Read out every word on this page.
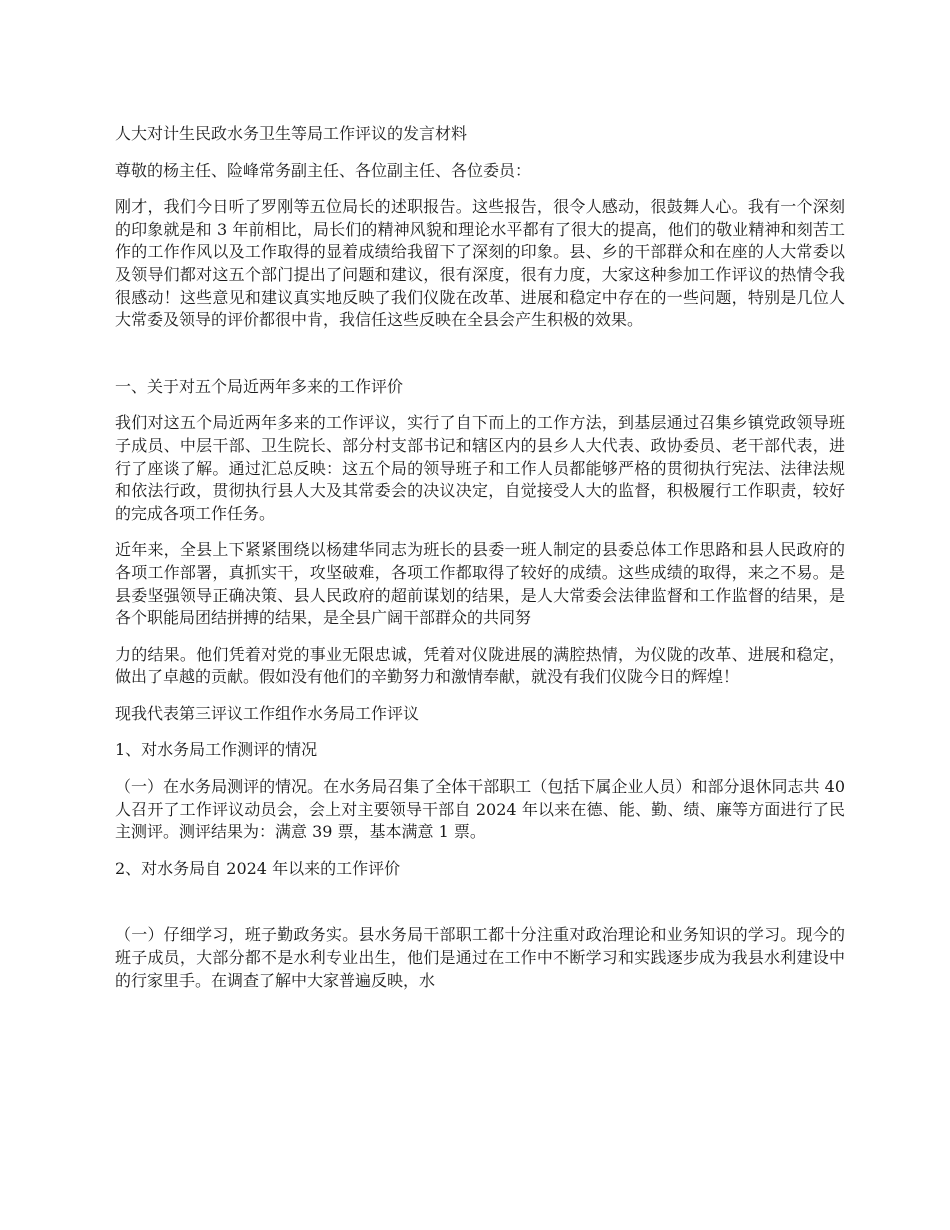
人大对计生民政水务卫生等局工作评议的发言材料

尊敬的杨主任、险峰常务副主任、各位副主任、各位委员：

刚才，我们今日听了罗刚等五位局长的述职报告。这些报告，很令人感动，很鼓舞人心。我有一个深刻的印象就是和 3 年前相比，局长们的精神风貌和理论水平都有了很大的提高，他们的敬业精神和刻苦工作的工作作风以及工作取得的显着成绩给我留下了深刻的印象。县、乡的干部群众和在座的人大常委以及领导们都对这五个部门提出了问题和建议，很有深度，很有力度，大家这种参加工作评议的热情令我很感动！这些意见和建议真实地反映了我们仪陇在改革、进展和稳定中存在的一些问题，特别是几位人大常委及领导的评价都很中肯，我信任这些反映在全县会产生积极的效果。

一、关于对五个局近两年多来的工作评价

我们对这五个局近两年多来的工作评议，实行了自下而上的工作方法，到基层通过召集乡镇党政领导班子成员、中层干部、卫生院长、部分村支部书记和辖区内的县乡人大代表、政协委员、老干部代表，进行了座谈了解。通过汇总反映：这五个局的领导班子和工作人员都能够严格的贯彻执行宪法、法律法规和依法行政，贯彻执行县人大及其常委会的决议决定，自觉接受人大的监督，积极履行工作职责，较好的完成各项工作任务。

近年来，全县上下紧紧围绕以杨建华同志为班长的县委一班人制定的县委总体工作思路和县人民政府的各项工作部署，真抓实干，攻坚破难，各项工作都取得了较好的成绩。这些成绩的取得，来之不易。是县委坚强领导正确决策、县人民政府的超前谋划的结果，是人大常委会法律监督和工作监督的结果，是各个职能局团结拼搏的结果，是全县广阔干部群众的共同努

力的结果。他们凭着对党的事业无限忠诚，凭着对仪陇进展的满腔热情，为仪陇的改革、进展和稳定，做出了卓越的贡献。假如没有他们的辛勤努力和激情奉献，就没有我们仪陇今日的辉煌！

现我代表第三评议工作组作水务局工作评议

1、对水务局工作测评的情况

（一）在水务局测评的情况。在水务局召集了全体干部职工（包括下属企业人员）和部分退休同志共 40 人召开了工作评议动员会，会上对主要领导干部自 2024 年以来在德、能、勤、绩、廉等方面进行了民主测评。测评结果为：满意 39 票，基本满意 1 票。

2、对水务局自 2024 年以来的工作评价

（一）仔细学习，班子勤政务实。县水务局干部职工都十分注重对政治理论和业务知识的学习。现今的班子成员，大部分都不是水利专业出生，他们是通过在工作中不断学习和实践逐步成为我县水利建设中的行家里手。在调查了解中大家普遍反映，水
